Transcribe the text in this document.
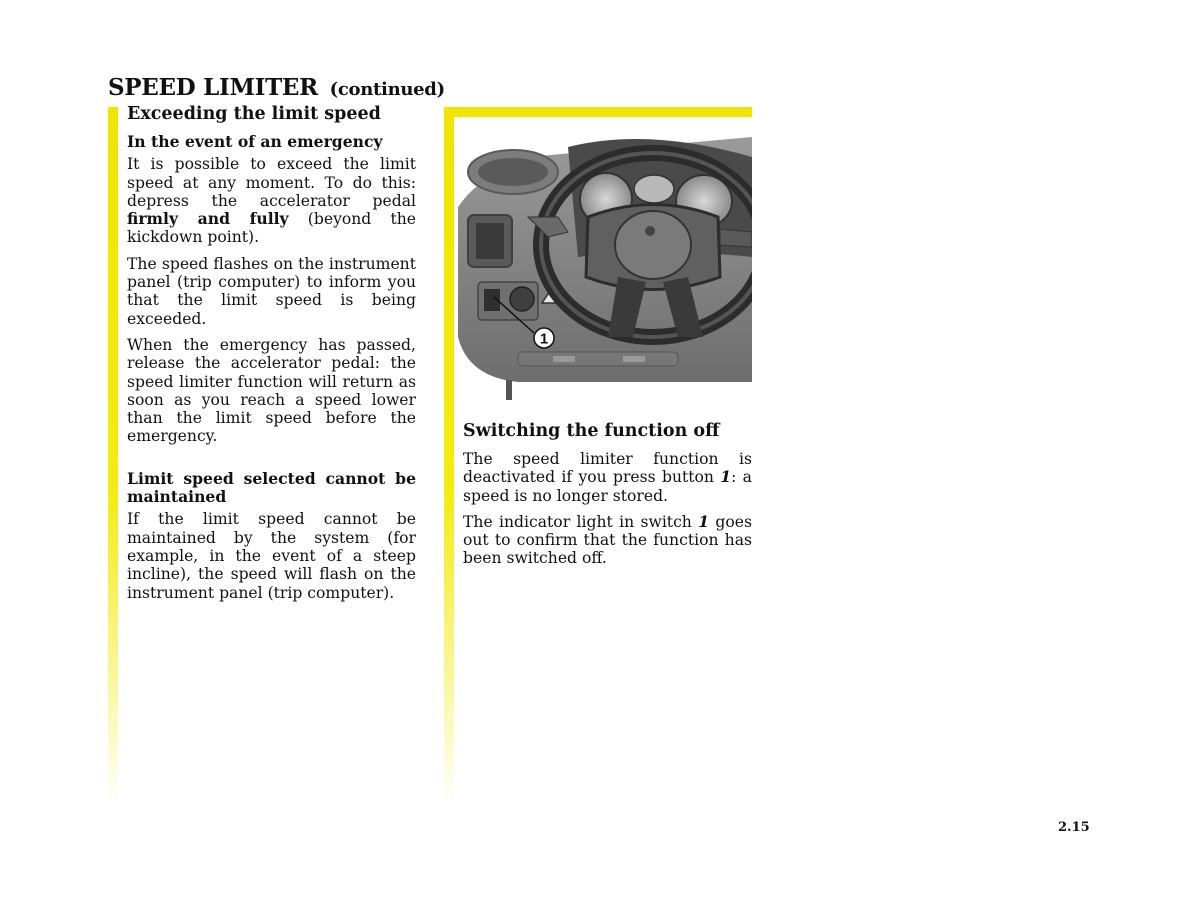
SPEED LIMITER (continued)
Exceeding the limit speed
In the event of an emergency

It is possible to exceed the limit speed at any moment. To do this: depress the accelerator pedal firmly and fully (beyond the kickdown point).

The speed flashes on the instrument panel (trip computer) to inform you that the limit speed is being exceeded.

When the emergency has passed, release the accelerator pedal: the speed limiter function will return as soon as you reach a speed lower than the limit speed before the emergency.

Limit speed selected cannot be maintained

If the limit speed cannot be maintained by the system (for example, in the event of a steep incline), the speed will flash on the instrument panel (trip computer).

1
Switching the function off

The speed limiter function is deactivated if you press button 1: a speed is no longer stored.

The indicator light in switch 1 goes out to confirm that the function has been switched off.

2.15
